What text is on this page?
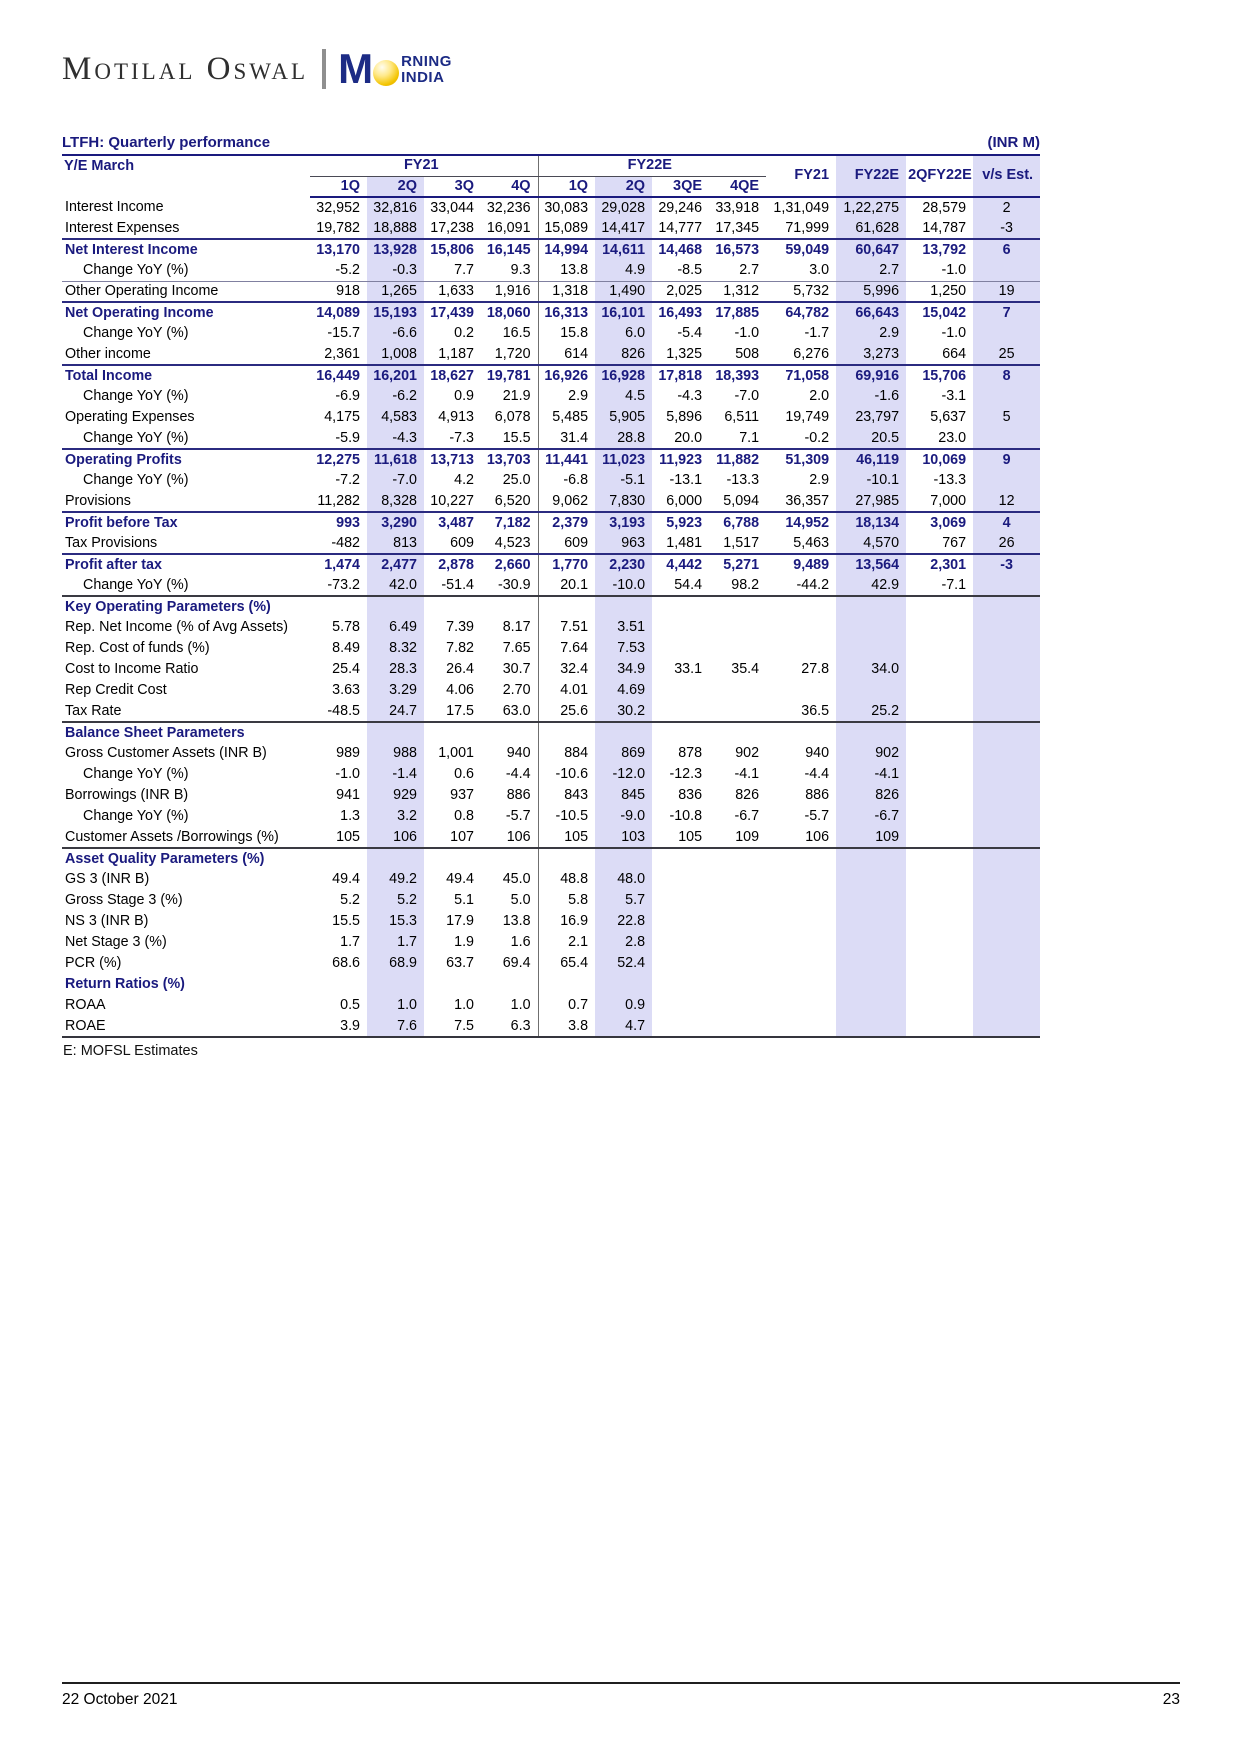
Motilal Oswal M RNING
INDIA
LTFH: Quarterly performance	(INR M)
Y/E March	FY21				FY22E				FY21	FY22E	2QFY22E	v/s Est.
	1Q	2Q	3Q	4Q	1Q	2Q	3QE	4QE				
Interest Income	32,952	32,816	33,044	32,236	30,083	29,028	29,246	33,918	1,31,049	1,22,275	28,579	2
Interest Expenses	19,782	18,888	17,238	16,091	15,089	14,417	14,777	17,345	71,999	61,628	14,787	-3
Net Interest Income	13,170	13,928	15,806	16,145	14,994	14,611	14,468	16,573	59,049	60,647	13,792	6
Change YoY (%)	-5.2	-0.3	7.7	9.3	13.8	4.9	-8.5	2.7	3.0	2.7	-1.0	
Other Operating Income	918	1,265	1,633	1,916	1,318	1,490	2,025	1,312	5,732	5,996	1,250	19
Net Operating Income	14,089	15,193	17,439	18,060	16,313	16,101	16,493	17,885	64,782	66,643	15,042	7
Change YoY (%)	-15.7	-6.6	0.2	16.5	15.8	6.0	-5.4	-1.0	-1.7	2.9	-1.0	
Other income	2,361	1,008	1,187	1,720	614	826	1,325	508	6,276	3,273	664	25
Total Income	16,449	16,201	18,627	19,781	16,926	16,928	17,818	18,393	71,058	69,916	15,706	8
Change YoY (%)	-6.9	-6.2	0.9	21.9	2.9	4.5	-4.3	-7.0	2.0	-1.6	-3.1	
Operating Expenses	4,175	4,583	4,913	6,078	5,485	5,905	5,896	6,511	19,749	23,797	5,637	5
Change YoY (%)	-5.9	-4.3	-7.3	15.5	31.4	28.8	20.0	7.1	-0.2	20.5	23.0	
Operating Profits	12,275	11,618	13,713	13,703	11,441	11,023	11,923	11,882	51,309	46,119	10,069	9
Change YoY (%)	-7.2	-7.0	4.2	25.0	-6.8	-5.1	-13.1	-13.3	2.9	-10.1	-13.3	
Provisions	11,282	8,328	10,227	6,520	9,062	7,830	6,000	5,094	36,357	27,985	7,000	12
Profit before Tax	993	3,290	3,487	7,182	2,379	3,193	5,923	6,788	14,952	18,134	3,069	4
Tax Provisions	-482	813	609	4,523	609	963	1,481	1,517	5,463	4,570	767	26
Profit after tax	1,474	2,477	2,878	2,660	1,770	2,230	4,442	5,271	9,489	13,564	2,301	-3
Change YoY (%)	-73.2	42.0	-51.4	-30.9	20.1	-10.0	54.4	98.2	-44.2	42.9	-7.1	
Key Operating Parameters (%)												
Rep. Net Income (% of Avg Assets)	5.78	6.49	7.39	8.17	7.51	3.51						
Rep. Cost of funds (%)	8.49	8.32	7.82	7.65	7.64	7.53						
Cost to Income Ratio	25.4	28.3	26.4	30.7	32.4	34.9	33.1	35.4	27.8	34.0		
Rep Credit Cost	3.63	3.29	4.06	2.70	4.01	4.69						
Tax Rate	-48.5	24.7	17.5	63.0	25.6	30.2			36.5	25.2		
Balance Sheet Parameters												
Gross Customer Assets (INR B)	989	988	1,001	940	884	869	878	902	940	902		
Change YoY (%)	-1.0	-1.4	0.6	-4.4	-10.6	-12.0	-12.3	-4.1	-4.4	-4.1		
Borrowings (INR B)	941	929	937	886	843	845	836	826	886	826		
Change YoY (%)	1.3	3.2	0.8	-5.7	-10.5	-9.0	-10.8	-6.7	-5.7	-6.7		
Customer Assets /Borrowings (%)	105	106	107	106	105	103	105	109	106	109		
Asset Quality Parameters (%)												
GS 3 (INR B)	49.4	49.2	49.4	45.0	48.8	48.0						
Gross Stage 3 (%)	5.2	5.2	5.1	5.0	5.8	5.7						
NS 3 (INR B)	15.5	15.3	17.9	13.8	16.9	22.8						
Net Stage 3 (%)	1.7	1.7	1.9	1.6	2.1	2.8						
PCR (%)	68.6	68.9	63.7	69.4	65.4	52.4						
Return Ratios (%)												
ROAA	0.5	1.0	1.0	1.0	0.7	0.9						
ROAE	3.9	7.6	7.5	6.3	3.8	4.7						
E: MOFSL Estimates
22 October 2021	23
